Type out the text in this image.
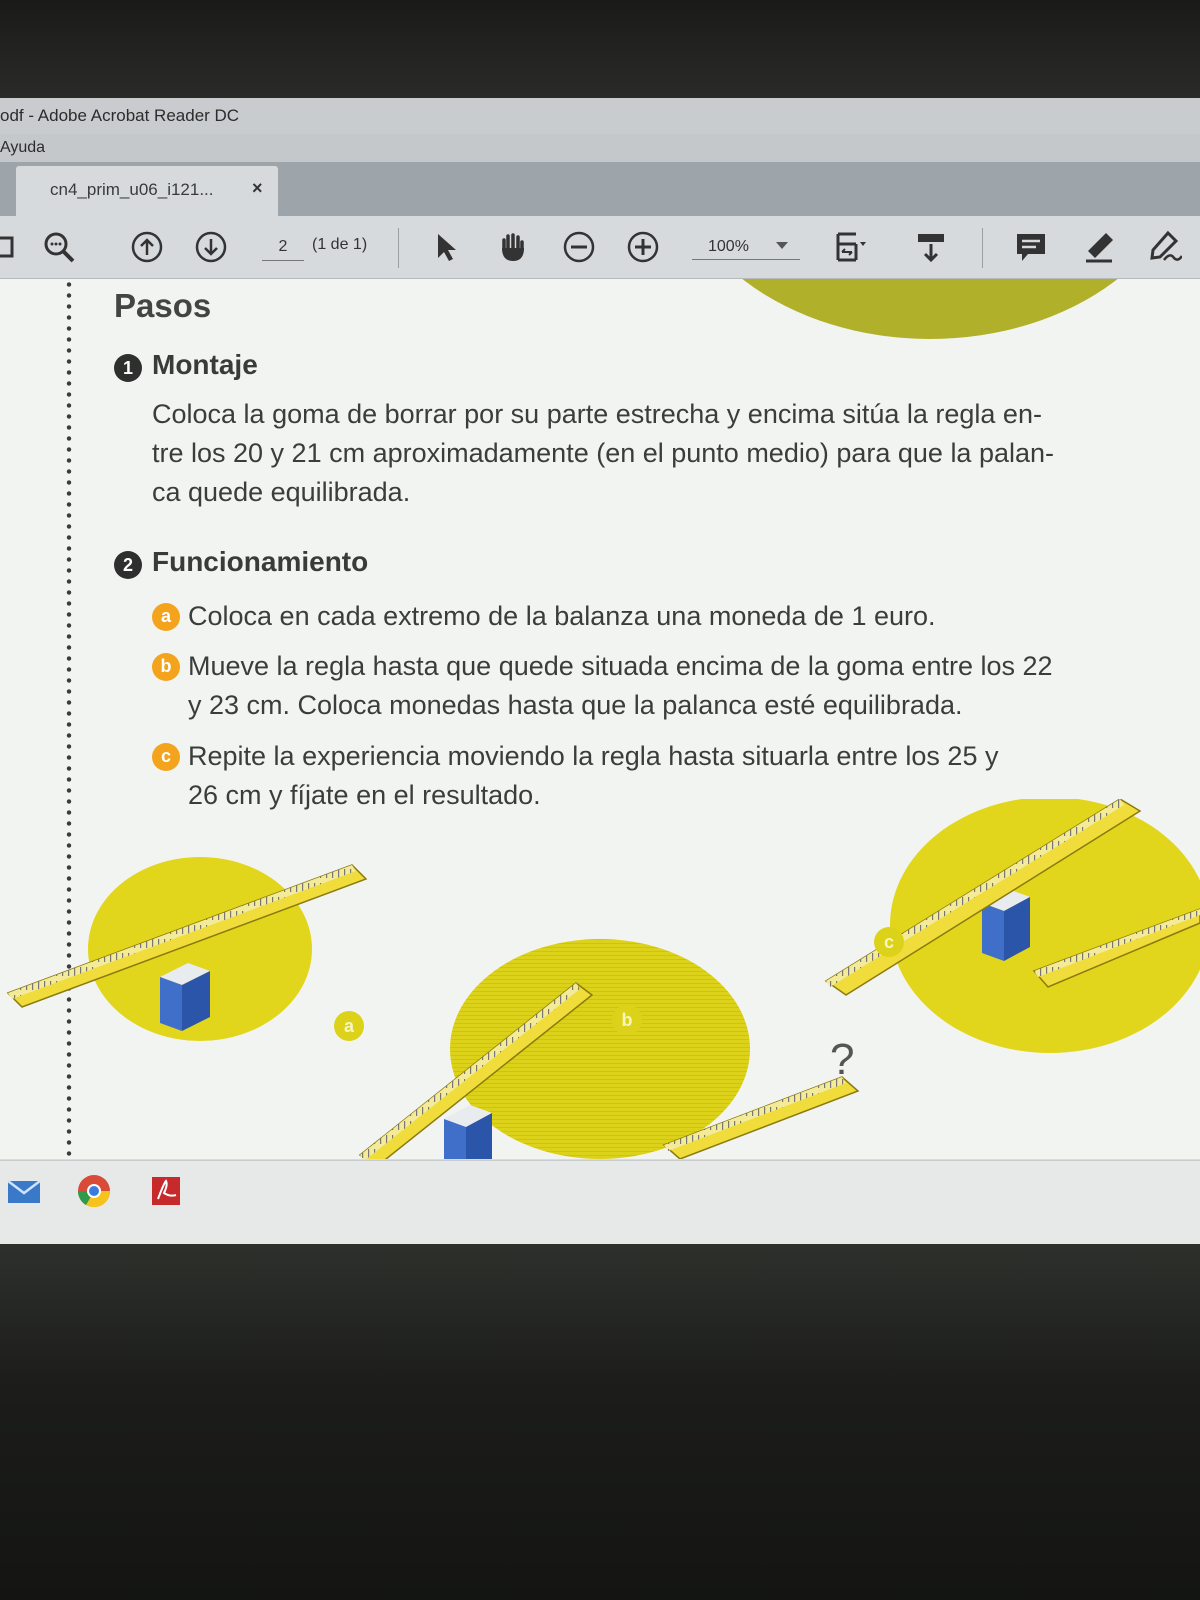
odf - Adobe Acrobat Reader DC
Ayuda
cn4_prim_u06_i121... ×
2	(1 de 1)	100%
Pasos
1 Montaje
Coloca la goma de borrar por su parte estrecha y encima sitúa la regla en-
tre los 20 y 21 cm aproximadamente (en el punto medio) para que la palan-
ca quede equilibrada.
2 Funcionamiento
a Coloca en cada extremo de la balanza una moneda de 1 euro.
b Mueve la regla hasta que quede situada encima de la goma entre los 22
y 23 cm. Coloca monedas hasta que la palanca esté equilibrada.
c Repite la experiencia moviendo la regla hasta situarla entre los 25 y
26 cm y fíjate en el resultado.
a	b
c
?
